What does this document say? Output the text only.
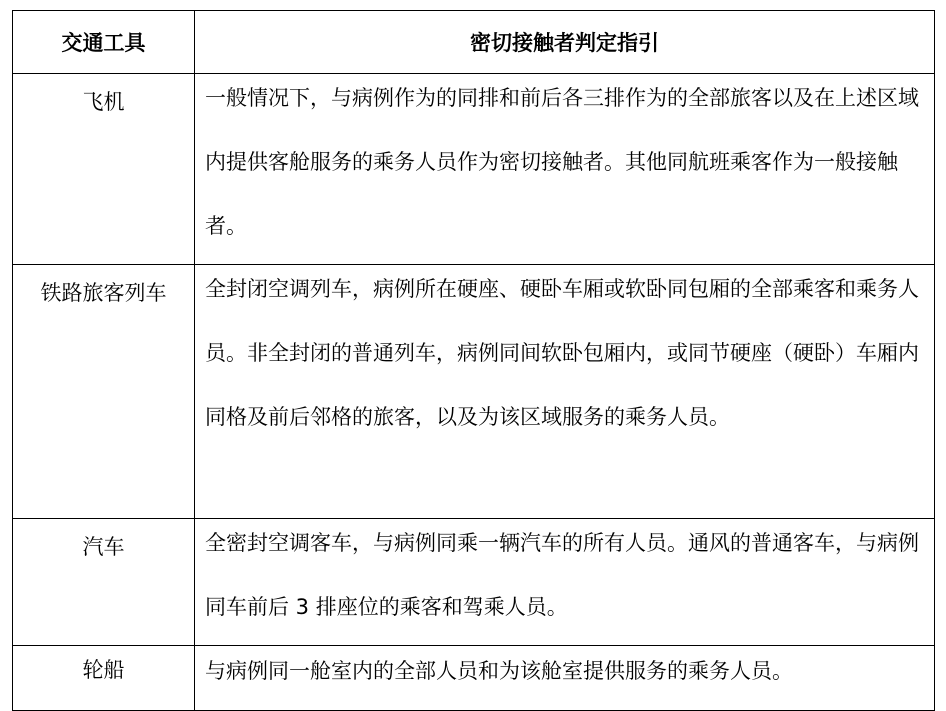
交通工具	密切接触者判定指引
飞机	一般情况下，与病例作为的同排和前后各三排作为的全部旅客以及在上述区域内提供客舱服务的乘务人员作为密切接触者。其他同航班乘客作为一般接触者。

铁路旅客列车	全封闭空调列车，病例所在硬座、硬卧车厢或软卧同包厢的全部乘客和乘务人员。非全封闭的普通列车，病例同间软卧包厢内，或同节硬座（硬卧）车厢内同格及前后邻格的旅客，以及为该区域服务的乘务人员。

汽车	全密封空调客车，与病例同乘一辆汽车的所有人员。通风的普通客车，与病例同车前后 3 排座位的乘客和驾乘人员。

轮船	与病例同一舱室内的全部人员和为该舱室提供服务的乘务人员。
